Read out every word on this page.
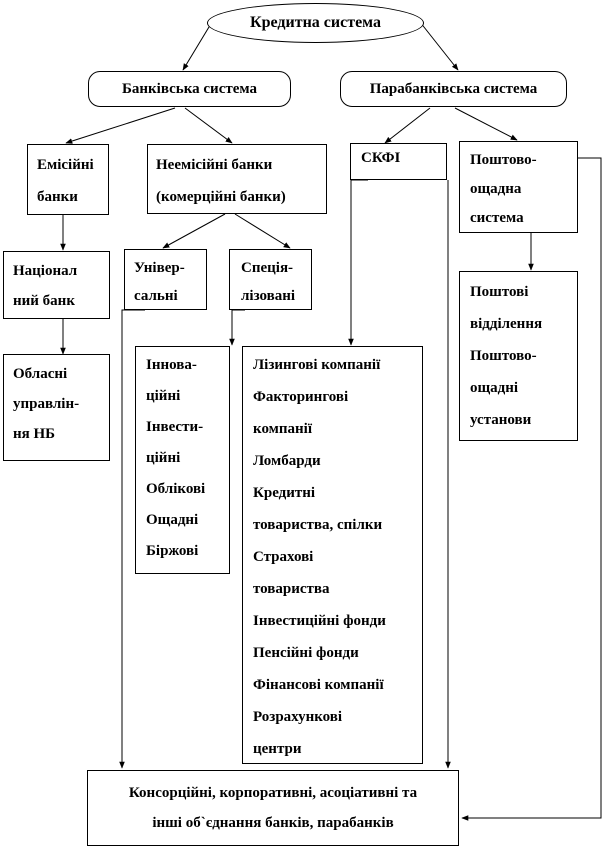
Кредитна система
Банківська система	Парабанківська система
Емісійні
банки
Неемісійні банки
(комерційні банки)
СКФІ	Поштово-
ощадна
система
Націонал
ний банк
Універ-
сальні
Спеція-
лізовані	Поштові
відділення
Поштово-
ощадні
установи
Обласні
управлін-
ня НБ
Іннова-
ційні
Інвести-
ційні
Облікові
Ощадні
Біржові
Лізингові компанії
Факторингові
компанії
Ломбарди
Кредитні
товариства, спілки
Страхові
товариства
Інвестиційні фонди
Пенсійні фонди
Фінансові компанії
Розрахункові
центри
Консорційні, корпоративні, асоціативні та
інші об`єднання банків, парабанків
